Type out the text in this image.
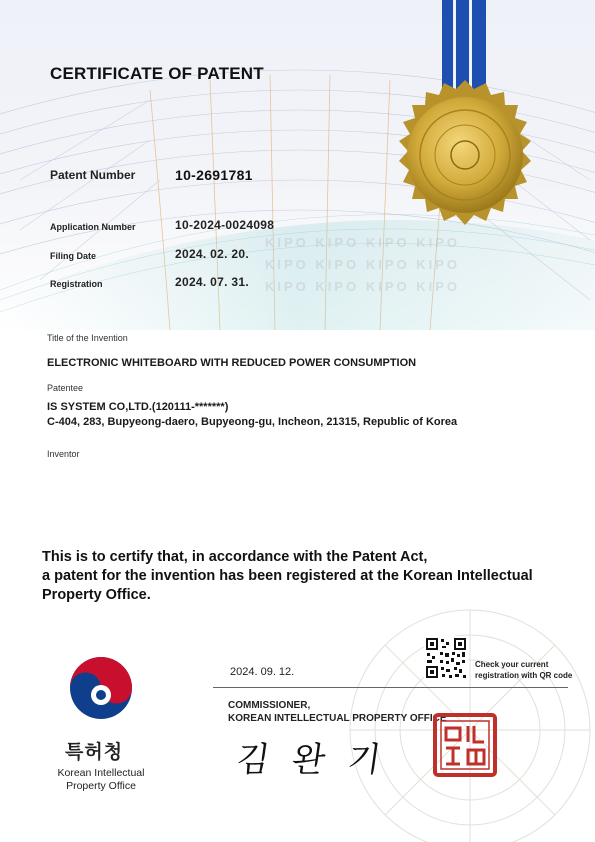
KIPO KIPO KIPO KIPO
KIPO KIPO KIPO KIPO
KIPO KIPO KIPO KIPO
CERTIFICATE OF PATENT
Patent Number	10-2691781
Application Number	10-2024-0024098
Filing Date	2024. 02. 20.
Registration	2024. 07. 31.
Title of the Invention
ELECTRONIC WHITEBOARD WITH REDUCED POWER CONSUMPTION
Patentee
IS SYSTEM CO,LTD.(120111-*******)
C-404, 283, Bupyeong-daero, Bupyeong-gu, Incheon, 21315, Republic of Korea
Inventor
This is to certify that, in accordance with the Patent Act,
a patent for the invention has been registered at the Korean Intellectual
Property Office.
특허청
Korean Intellectual
Property Office
2024. 09. 12.
Check your current
registration with QR code
COMMISSIONER,
KOREAN INTELLECTUAL PROPERTY OFFICE
김 완 기
